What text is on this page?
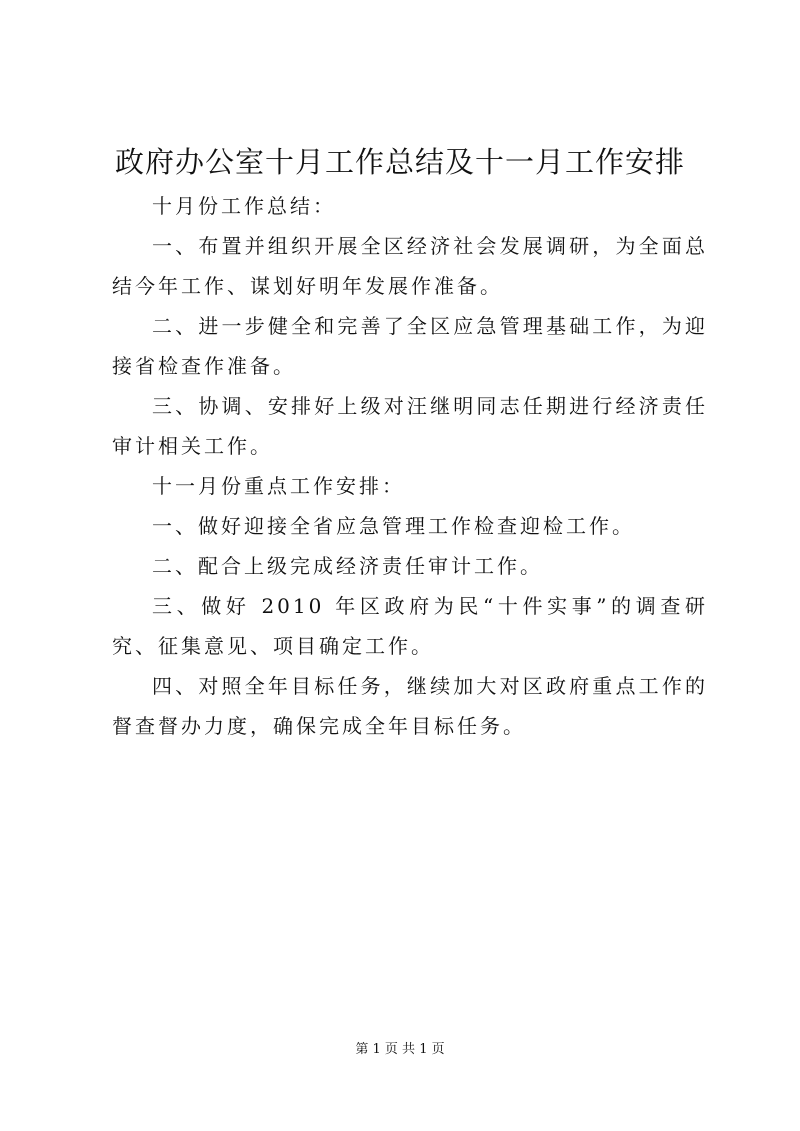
政府办公室十月工作总结及十一月工作安排

十月份工作总结：

一、布置并组织开展全区经济社会发展调研，为全面总结今年工作、谋划好明年发展作准备。

二、进一步健全和完善了全区应急管理基础工作，为迎接省检查作准备。

三、协调、安排好上级对汪继明同志任期进行经济责任审计相关工作。

十一月份重点工作安排：

一、做好迎接全省应急管理工作检查迎检工作。

二、配合上级完成经济责任审计工作。

三、做好 2010 年区政府为民“十件实事”的调查研究、征集意见、项目确定工作。

四、对照全年目标任务，继续加大对区政府重点工作的督查督办力度，确保完成全年目标任务。

第 1 页 共 1 页
